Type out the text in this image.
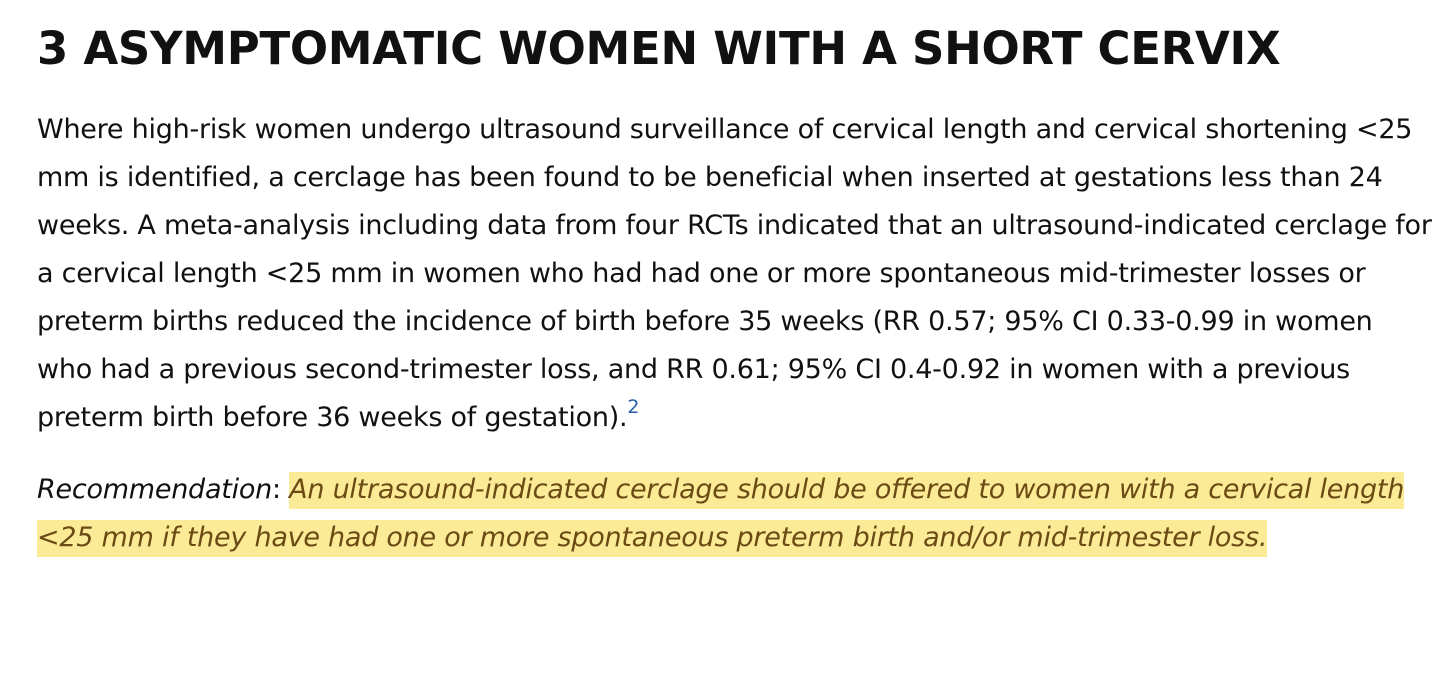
3 ASYMPTOMATIC WOMEN WITH A SHORT CERVIX

Where high-risk women undergo ultrasound surveillance of cervical length and cervical shortening <25 mm is identified, a cerclage has been found to be beneficial when inserted at gestations less than 24 weeks. A meta-analysis including data from four RCTs indicated that an ultrasound-indicated cerclage for a cervical length <25 mm in women who had had one or more spontaneous mid-trimester losses or preterm births reduced the incidence of birth before 35 weeks (RR 0.57; 95% CI 0.33‑0.99 in women who had a previous second-trimester loss, and RR 0.61; 95% CI 0.4‑0.92 in women with a previous preterm birth before 36 weeks of gestation).$^2$

Recommendation: An ultrasound-indicated cerclage should be offered to women with a cervical length <25 mm if they have had one or more spontaneous preterm birth and/or mid-trimester loss.
